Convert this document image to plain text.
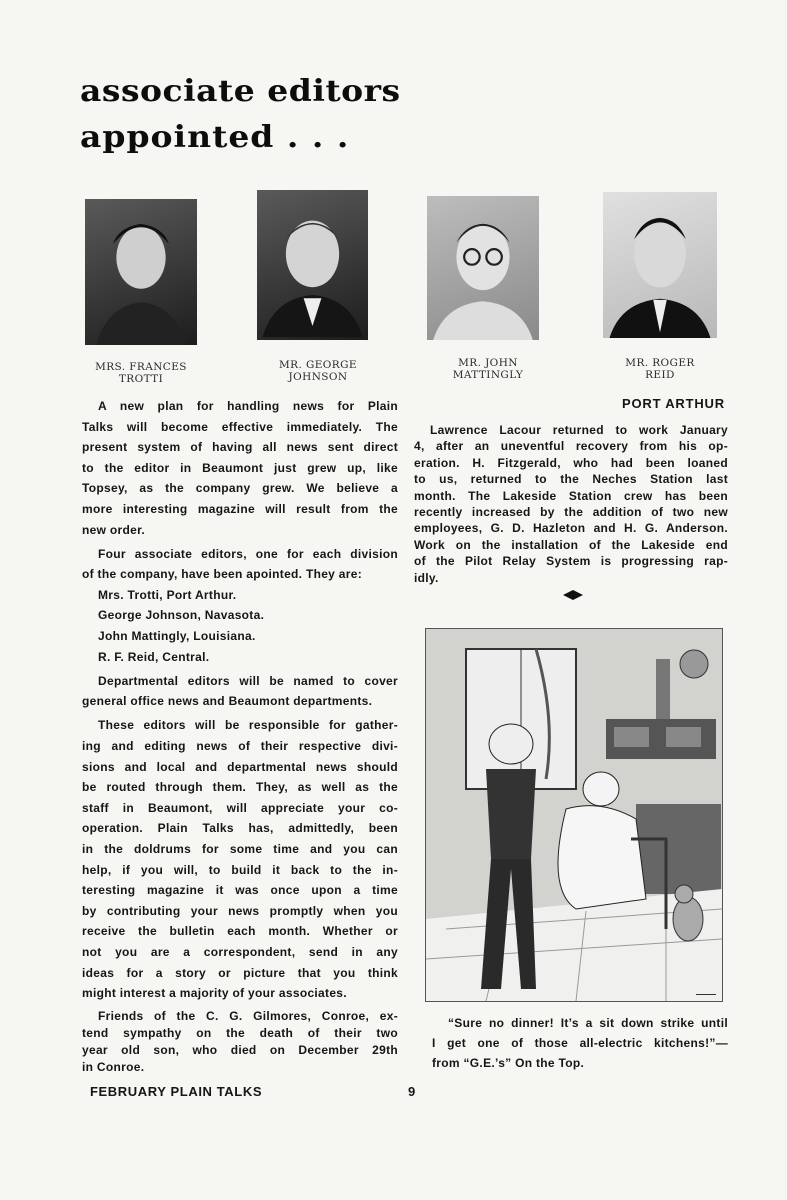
associate editors
appointed . . .
MRS. FRANCES
TROTTI
MR. GEORGE
JOHNSON
MR. JOHN
MATTINGLY
MR. ROGER
REID
A new plan for handling news for Plain
Talks will become effective immediately. The
present system of having all news sent direct
to the editor in Beaumont just grew up, like
Topsey, as the company grew. We believe a
more interesting magazine will result from the
new order.
Four associate editors, one for each division
of the company, have been apointed. They are:
Mrs. Trotti, Port Arthur.
George Johnson, Navasota.
John Mattingly, Louisiana.
R. F. Reid, Central.
Departmental editors will be named to cover
general office news and Beaumont departments.
These editors will be responsible for gather-
ing and editing news of their respective divi-
sions and local and departmental news should
be routed through them. They, as well as the
staff in Beaumont, will appreciate your co-
operation. Plain Talks has, admittedly, been
in the doldrums for some time and you can
help, if you will, to build it back to the in-
teresting magazine it was once upon a time
by contributing your news promptly when you
receive the bulletin each month. Whether or
not you are a correspondent, send in any
ideas for a story or picture that you think
might interest a majority of your associates.
Friends of the C. G. Gilmores, Conroe, ex-
tend sympathy on the death of their two
year old son, who died on December 29th
in Conroe.
PORT ARTHUR
Lawrence Lacour returned to work January
4, after an uneventful recovery from his op-
eration. H. Fitzgerald, who had been loaned
to us, returned to the Neches Station last
month. The Lakeside Station crew has been
recently increased by the addition of two new
employees, G. D. Hazleton and H. G. Anderson.
Work on the installation of the Lakeside end
of the Pilot Relay System is progressing rap-
idly.
“Sure no dinner! It’s a sit down strike until
I get one of those all-electric kitchens!”—
from “G.E.’s” On the Top.
FEBRUARY PLAIN TALKS	9
